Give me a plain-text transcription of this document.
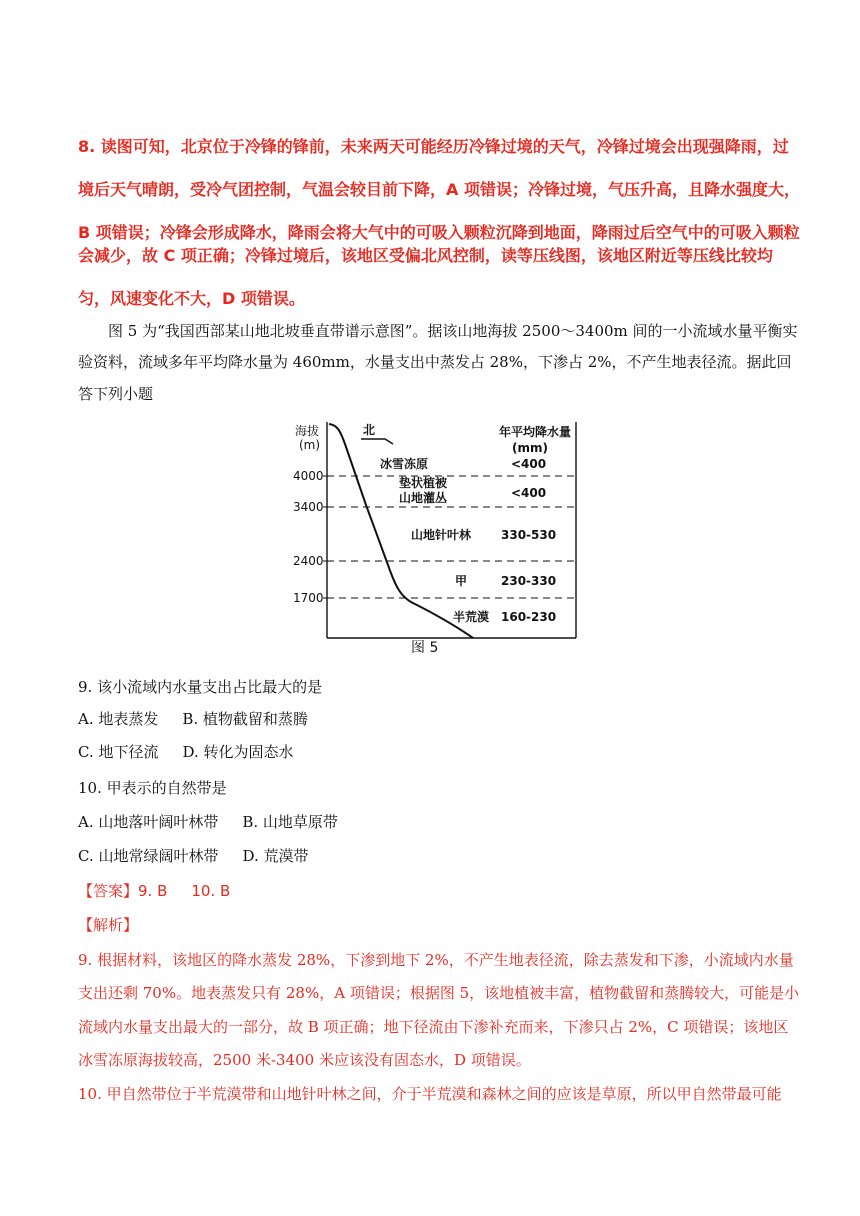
8. 读图可知，北京位于冷锋的锋前，未来两天可能经历冷锋过境的天气，冷锋过境会出现强降雨，过
境后天气晴朗，受冷气团控制，气温会较目前下降，A 项错误；冷锋过境，气压升高，且降水强度大，
B 项错误；冷锋会形成降水，降雨会将大气中的可吸入颗粒沉降到地面，降雨过后空气中的可吸入颗粒
会减少，故 C 项正确；冷锋过境后，该地区受偏北风控制，读等压线图，该地区附近等压线比较均
匀，风速变化不大，D 项错误。
图 5 为“我国西部某山地北坡垂直带谱示意图”。据该山地海拔 2500～3400m 间的一小流域水量平衡实
验资料，流域多年平均降水量为 460mm，水量支出中蒸发占 28%，下渗占 2%，不产生地表径流。据此回
答下列小题
海拔
(m)
4000
3400
2400
1700
北	年平均降水量
(mm)
冰雪冻原	<400
垫状植被
山地灌丛	<400
山地针叶林 330-530
甲	230-330
半荒漠 160-230
图 5
9. 该小流域内水量支出占比最大的是
A. 地表蒸发 B. 植物截留和蒸腾
C. 地下径流 D. 转化为固态水
10. 甲表示的自然带是
A. 山地落叶阔叶林带 B. 山地草原带
C. 山地常绿阔叶林带 D. 荒漠带
【答案】9. B 10. B
【解析】
9. 根据材料，该地区的降水蒸发 28%，下渗到地下 2%，不产生地表径流，除去蒸发和下渗，小流域内水量
支出还剩 70%。地表蒸发只有 28%，A 项错误；根据图 5，该地植被丰富，植物截留和蒸腾较大，可能是小
流域内水量支出最大的一部分，故 B 项正确；地下径流由下渗补充而来，下渗只占 2%，C 项错误；该地区
冰雪冻原海拔较高，2500 米-3400 米应该没有固态水，D 项错误。
10. 甲自然带位于半荒漠带和山地针叶林之间，介于半荒漠和森林之间的应该是草原，所以甲自然带最可能
